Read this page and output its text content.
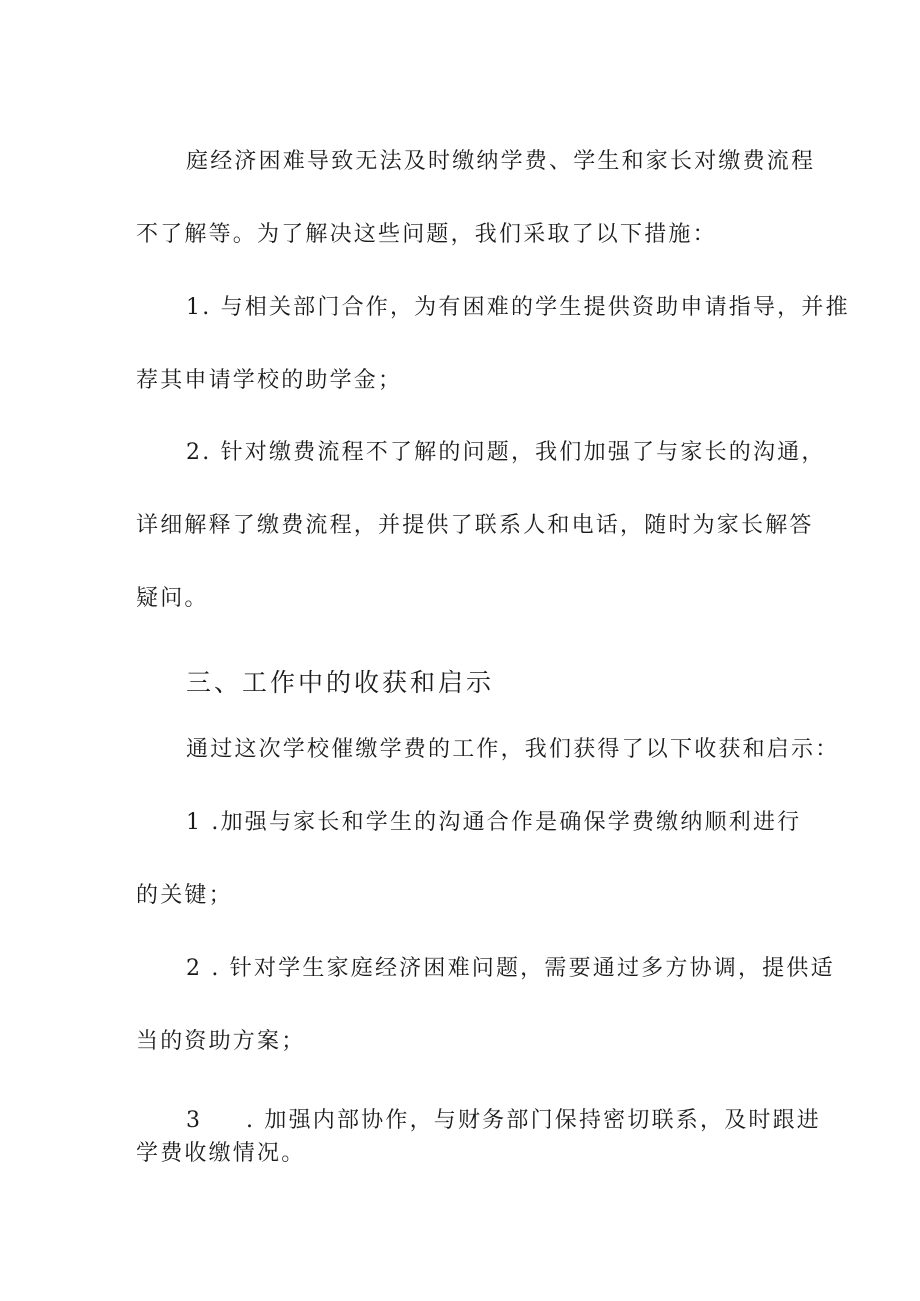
庭经济困难导致无法及时缴纳学费、学生和家长对缴费流程
不了解等。为了解决这些问题，我们采取了以下措施：
1. 与相关部门合作，为有困难的学生提供资助申请指导，并推
荐其申请学校的助学金；
2. 针对缴费流程不了解的问题，我们加强了与家长的沟通，
详细解释了缴费流程，并提供了联系人和电话，随时为家长解答
疑问。
三、工作中的收获和启示
通过这次学校催缴学费的工作，我们获得了以下收获和启示：
1 .加强与家长和学生的沟通合作是确保学费缴纳顺利进行
的关键；
2 . 针对学生家庭经济困难问题，需要通过多方协调，提供适
当的资助方案；
3 . 加强内部协作，与财务部门保持密切联系，及时跟进
学费收缴情况。
